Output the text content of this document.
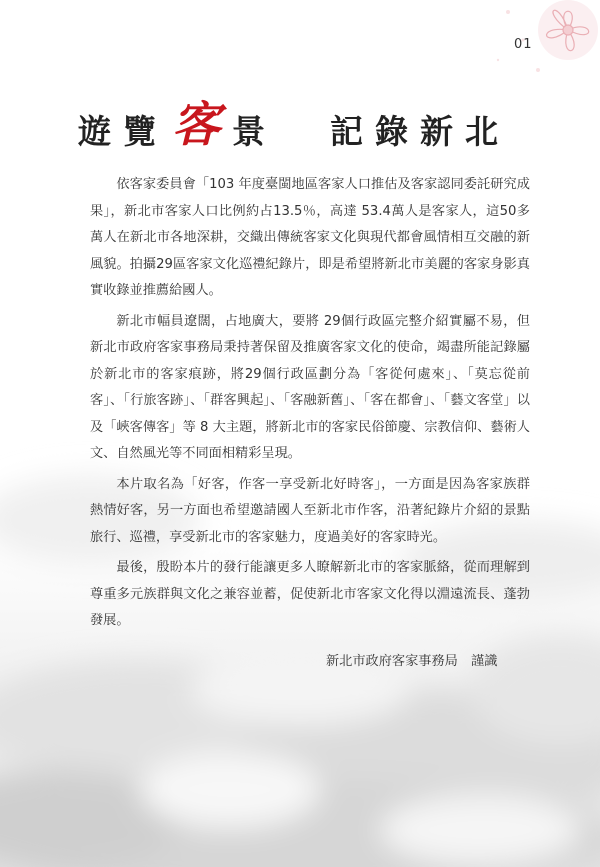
01
遊覽 客 景 記錄新北

依客家委員會「103 年度臺閩地區客家人口推估及客家認同委託研究成果」，新北市客家人口比例約占13.5％，高達 53.4萬人是客家人，這50多萬人在新北市各地深耕，交織出傳統客家文化與現代都會風情相互交融的新風貌。拍攝29區客家文化巡禮紀錄片，即是希望將新北市美麗的客家身影真實收錄並推薦給國人。

新北市幅員遼闊，占地廣大，要將 29個行政區完整介紹實屬不易，但新北市政府客家事務局秉持著保留及推廣客家文化的使命，竭盡所能記錄屬於新北市的客家痕跡，將29個行政區劃分為「客從何處來」、「莫忘從前客」、「行旅客跡」、「群客興起」、「客融新舊」、「客在都會」、「藝文客堂」以及「峽客傳客」等 8 大主題，將新北市的客家民俗節慶、宗教信仰、藝術人文、自然風光等不同面相精彩呈現。

本片取名為「好客，作客一享受新北好時客」，一方面是因為客家族群熱情好客，另一方面也希望邀請國人至新北市作客，沿著紀錄片介紹的景點旅行、巡禮，享受新北市的客家魅力，度過美好的客家時光。

最後，殷盼本片的發行能讓更多人瞭解新北市的客家脈絡，從而理解到尊重多元族群與文化之兼容並蓄，促使新北市客家文化得以淵遠流長、蓬勃發展。

新北市政府客家事務局　謹識
